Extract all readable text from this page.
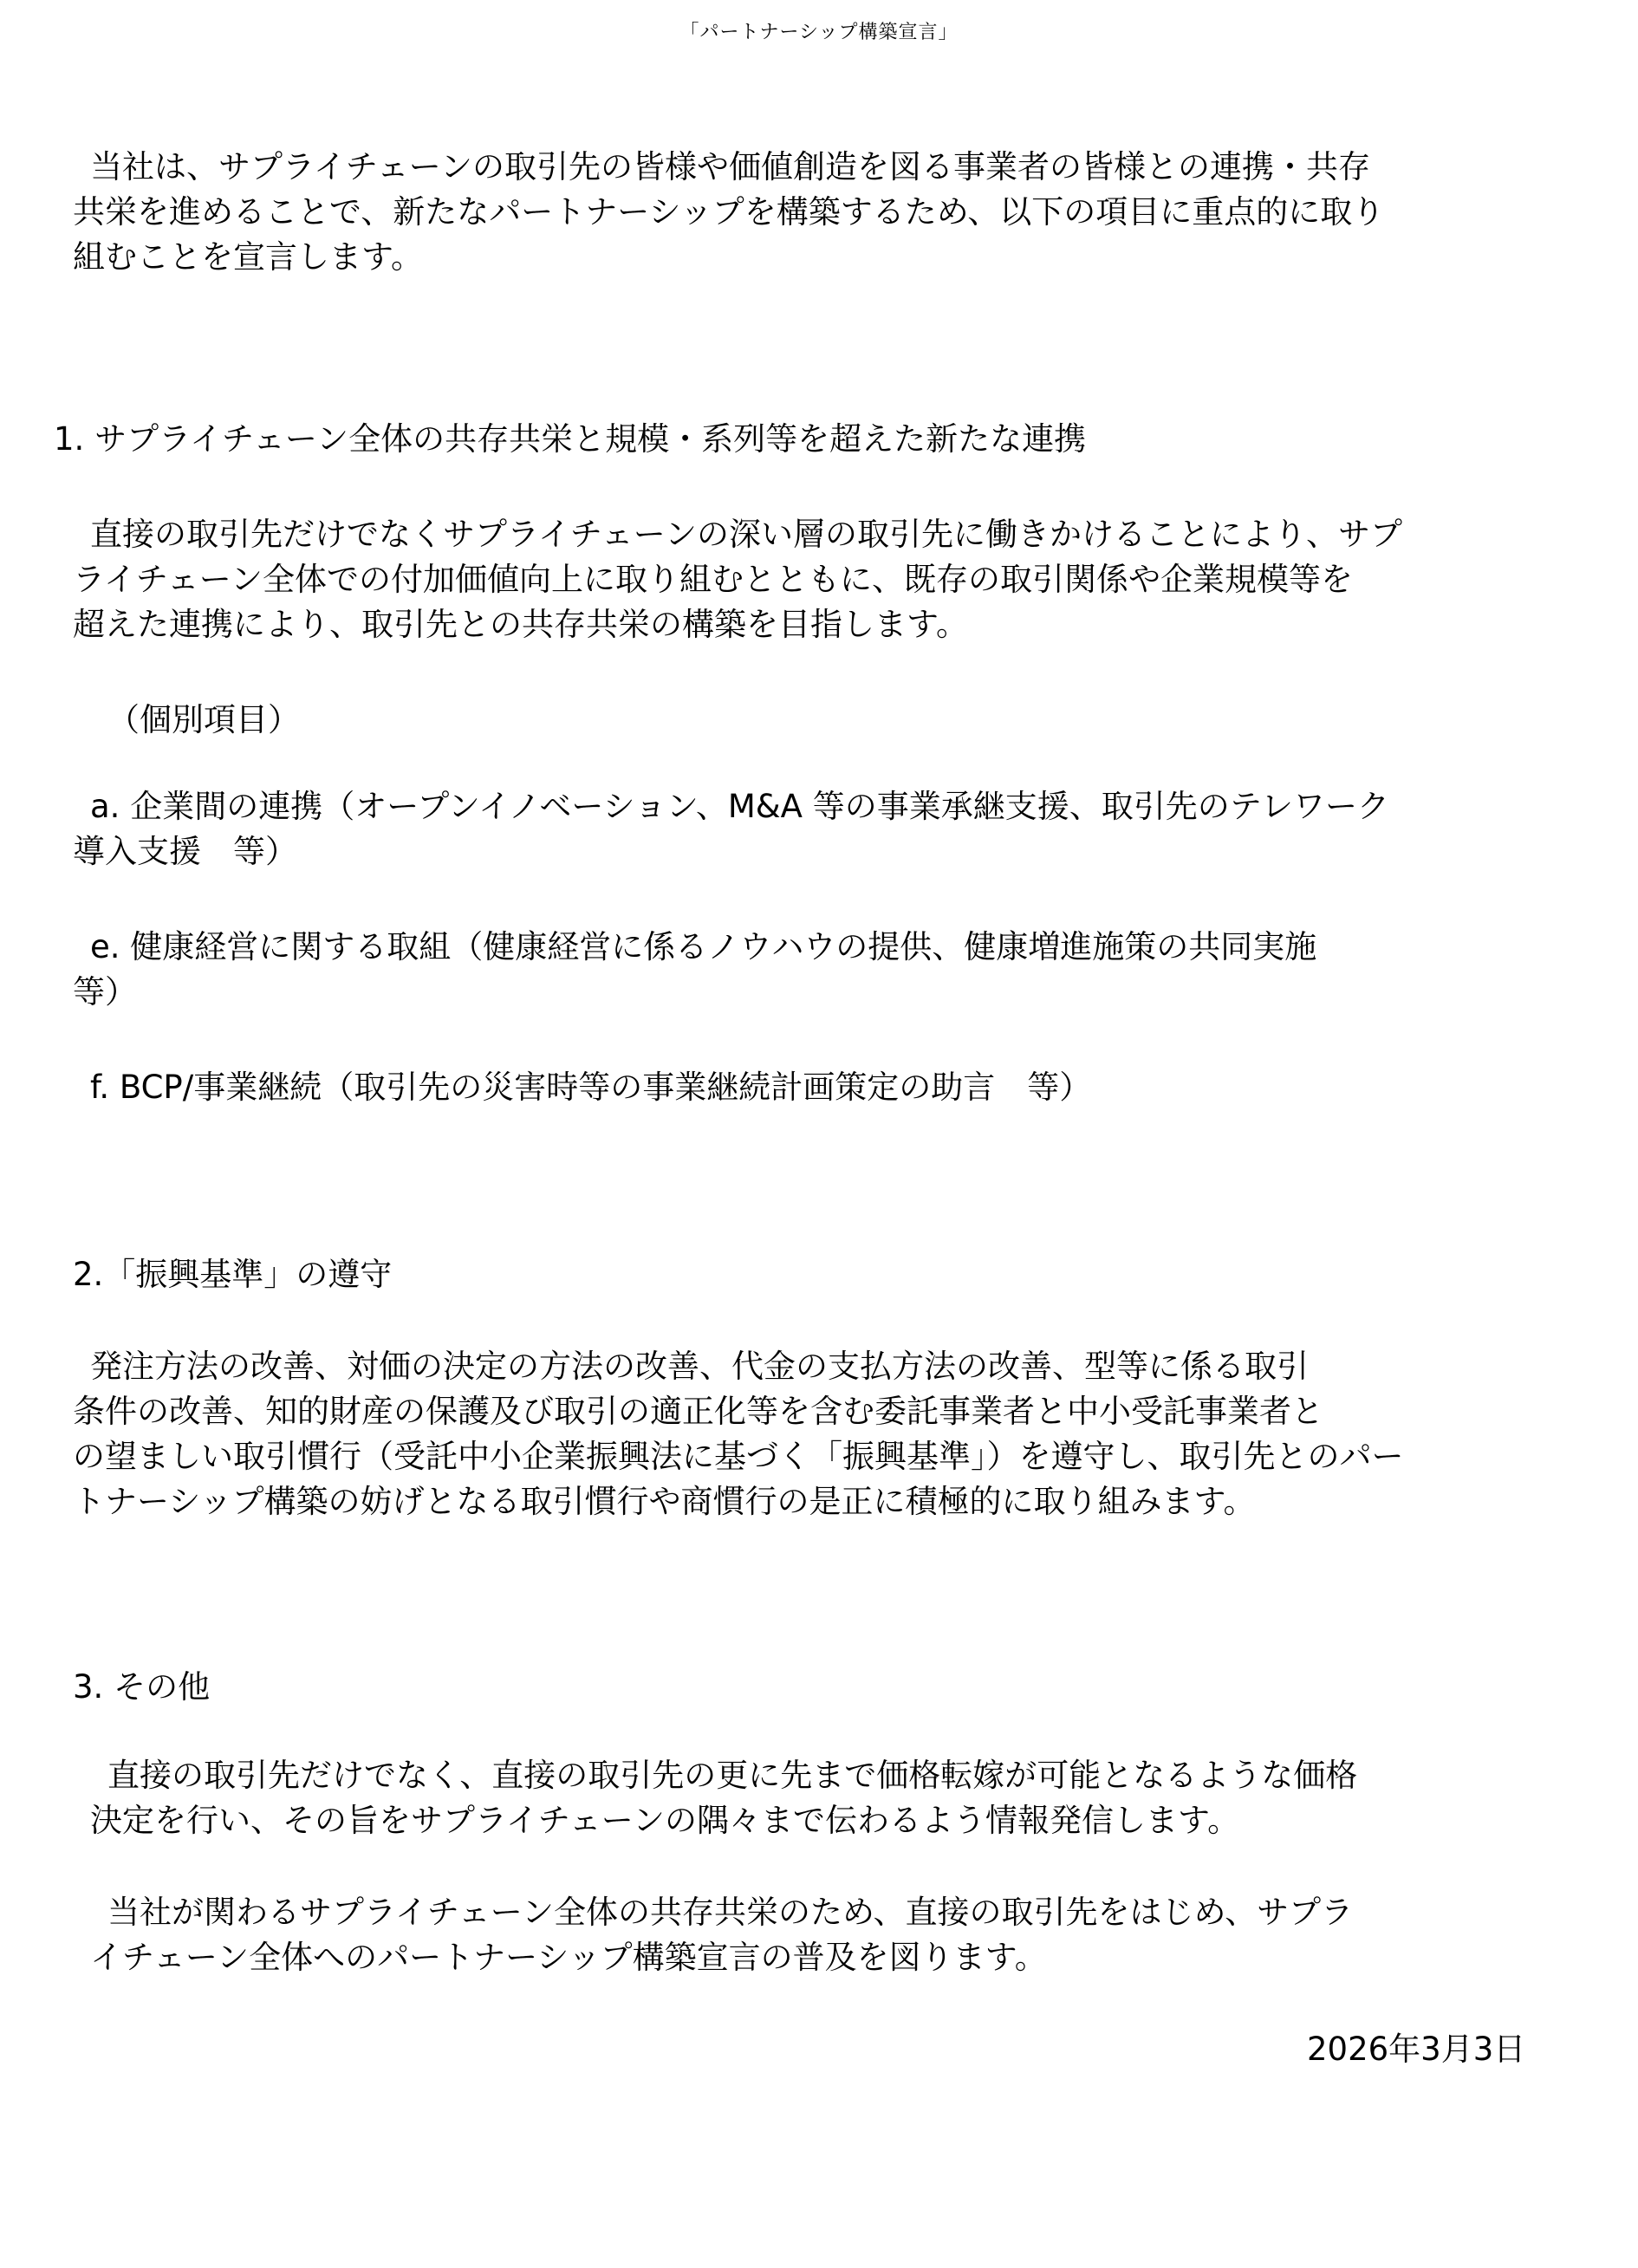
「パートナーシップ構築宣言」
当社は、サプライチェーンの取引先の皆様や価値創造を図る事業者の皆様との連携・共存
共栄を進めることで、新たなパートナーシップを構築するため、以下の項目に重点的に取り
組むことを宣言します。
1. サプライチェーン全体の共存共栄と規模・系列等を超えた新たな連携
直接の取引先だけでなくサプライチェーンの深い層の取引先に働きかけることにより、サプ
ライチェーン全体での付加価値向上に取り組むとともに、既存の取引関係や企業規模等を
超えた連携により、取引先との共存共栄の構築を目指します。
（個別項目）
a. 企業間の連携（オープンイノベーション、M&A 等の事業承継支援、取引先のテレワーク
導入支援　等）
e. 健康経営に関する取組（健康経営に係るノウハウの提供、健康増進施策の共同実施
等）
f. BCP/事業継続（取引先の災害時等の事業継続計画策定の助言　等）
2.「振興基準」の遵守
発注方法の改善、対価の決定の方法の改善、代金の支払方法の改善、型等に係る取引
条件の改善、知的財産の保護及び取引の適正化等を含む委託事業者と中小受託事業者と
の望ましい取引慣行（受託中小企業振興法に基づく「振興基準」）を遵守し、取引先とのパー
トナーシップ構築の妨げとなる取引慣行や商慣行の是正に積極的に取り組みます。
3. その他
直接の取引先だけでなく、直接の取引先の更に先まで価格転嫁が可能となるような価格
決定を行い、その旨をサプライチェーンの隅々まで伝わるよう情報発信します。
当社が関わるサプライチェーン全体の共存共栄のため、直接の取引先をはじめ、サプラ
イチェーン全体へのパートナーシップ構築宣言の普及を図ります。
2026年3月3日
